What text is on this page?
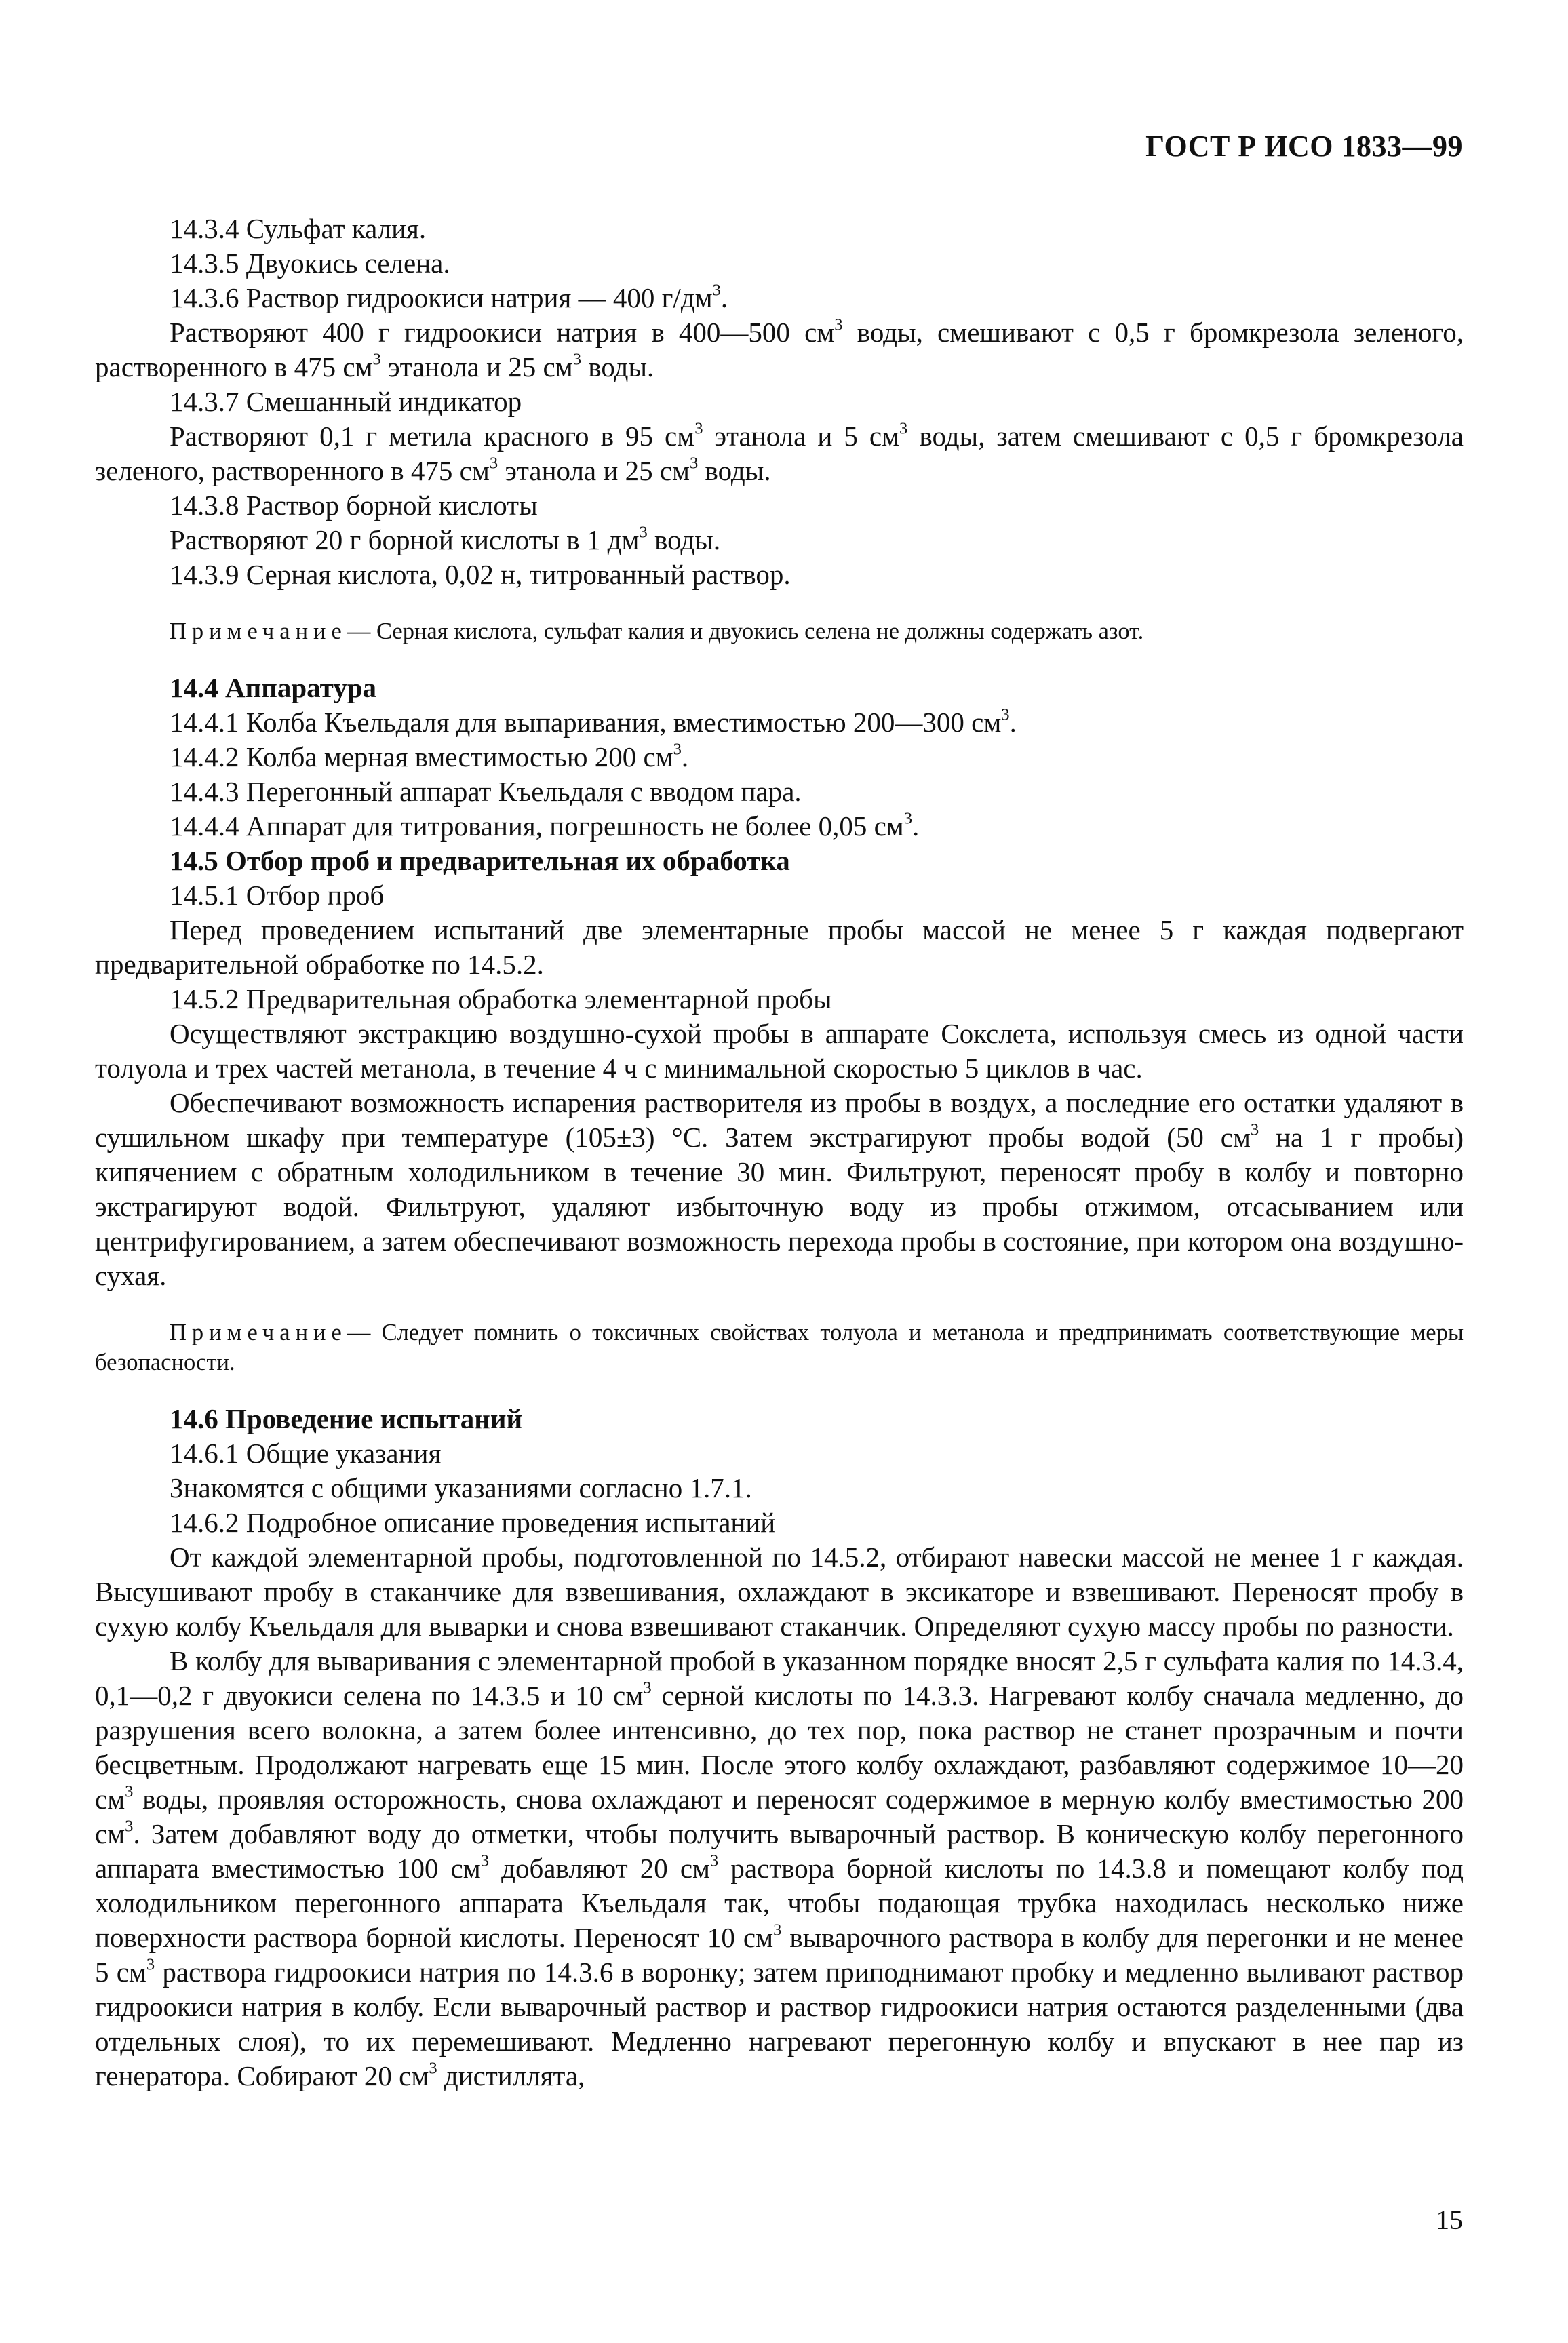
ГОСТ Р ИСО 1833—99

14.3.4 Сульфат калия.

14.3.5 Двуокись селена.

14.3.6 Раствор гидроокиси натрия — 400 $г/дм^3$.

Растворяют 400 г гидроокиси натрия в 400—500 $см^3$ воды, смешивают с 0,5 г бромкрезола зеленого, растворенного в 475 $см^3$ этанола и 25 $см^3$ воды.

14.3.7 Смешанный индикатор

Растворяют 0,1 г метила красного в 95 $см^3$ этанола и 5 $см^3$ воды, затем смешивают с 0,5 г бромкрезола зеленого, растворенного в 475 $см^3$ этанола и 25 $см^3$ воды.

14.3.8 Раствор борной кислоты

Растворяют 20 г борной кислоты в 1 $дм^3$ воды.

14.3.9 Серная кислота, 0,02 н, титрованный раствор.

Примечание— Серная кислота, сульфат калия и двуокись селена не должны содержать азот.

14.4 Аппаратура

14.4.1 Колба Къельдаля для выпаривания, вместимостью 200—300 $см^3$.

14.4.2 Колба мерная вместимостью 200 $см^3$.

14.4.3 Перегонный аппарат Къельдаля с вводом пара.

14.4.4 Аппарат для титрования, погрешность не более 0,05 $см^3$.

14.5 Отбор проб и предварительная их обработка

14.5.1 Отбор проб

Перед проведением испытаний две элементарные пробы массой не менее 5 г каждая подвергают предварительной обработке по 14.5.2.

14.5.2 Предварительная обработка элементарной пробы

Осуществляют экстракцию воздушно-сухой пробы в аппарате Сокслета, используя смесь из одной части толуола и трех частей метанола, в течение 4 ч с минимальной скоростью 5 циклов в час.

Обеспечивают возможность испарения растворителя из пробы в воздух, а последние его остатки удаляют в сушильном шкафу при температуре (105±3) °С. Затем экстрагируют пробы водой (50 $см^3$ на 1 г пробы) кипячением с обратным холодильником в течение 30 мин. Фильтруют, переносят пробу в колбу и повторно экстрагируют водой. Фильтруют, удаляют избыточную воду из пробы отжимом, отсасыванием или центрифугированием, а затем обеспечивают возможность перехода пробы в состояние, при котором она воздушно-сухая.

Примечание— Следует помнить о токсичных свойствах толуола и метанола и предпринимать соответствующие меры безопасности.

14.6 Проведение испытаний

14.6.1 Общие указания

Знакомятся с общими указаниями согласно 1.7.1.

14.6.2 Подробное описание проведения испытаний

От каждой элементарной пробы, подготовленной по 14.5.2, отбирают навески массой не менее 1 г каждая. Высушивают пробу в стаканчике для взвешивания, охлаждают в эксикаторе и взвешивают. Переносят пробу в сухую колбу Къельдаля для выварки и снова взвешивают стаканчик. Определяют сухую массу пробы по разности.

В колбу для вываривания с элементарной пробой в указанном порядке вносят 2,5 г сульфата калия по 14.3.4, 0,1—0,2 г двуокиси селена по 14.3.5 и 10 $см^3$ серной кислоты по 14.3.3. Нагревают колбу сначала медленно, до разрушения всего волокна, а затем более интенсивно, до тех пор, пока раствор не станет прозрачным и почти бесцветным. Продолжают нагревать еще 15 мин. После этого колбу охлаждают, разбавляют содержимое 10—20 $см^3$ воды, проявляя осторожность, снова охлаждают и переносят содержимое в мерную колбу вместимостью 200 $см^3$. Затем добавляют воду до отметки, чтобы получить выварочный раствор. В коническую колбу перегонного аппарата вместимостью 100 $см^3$ добавляют 20 $см^3$ раствора борной кислоты по 14.3.8 и помещают колбу под холодильником перегонного аппарата Къельдаля так, чтобы подающая трубка находилась несколько ниже поверхности раствора борной кислоты. Переносят 10 $см^3$ выварочного раствора в колбу для перегонки и не менее 5 $см^3$ раствора гидроокиси натрия по 14.3.6 в воронку; затем приподнимают пробку и медленно выливают раствор гидроокиси натрия в колбу. Если выварочный раствор и раствор гидроокиси натрия остаются разделенными (два отдельных слоя), то их перемешивают. Медленно нагревают перегонную колбу и впускают в нее пар из генератора. Собирают 20 $см^3$ дистиллята,

15
